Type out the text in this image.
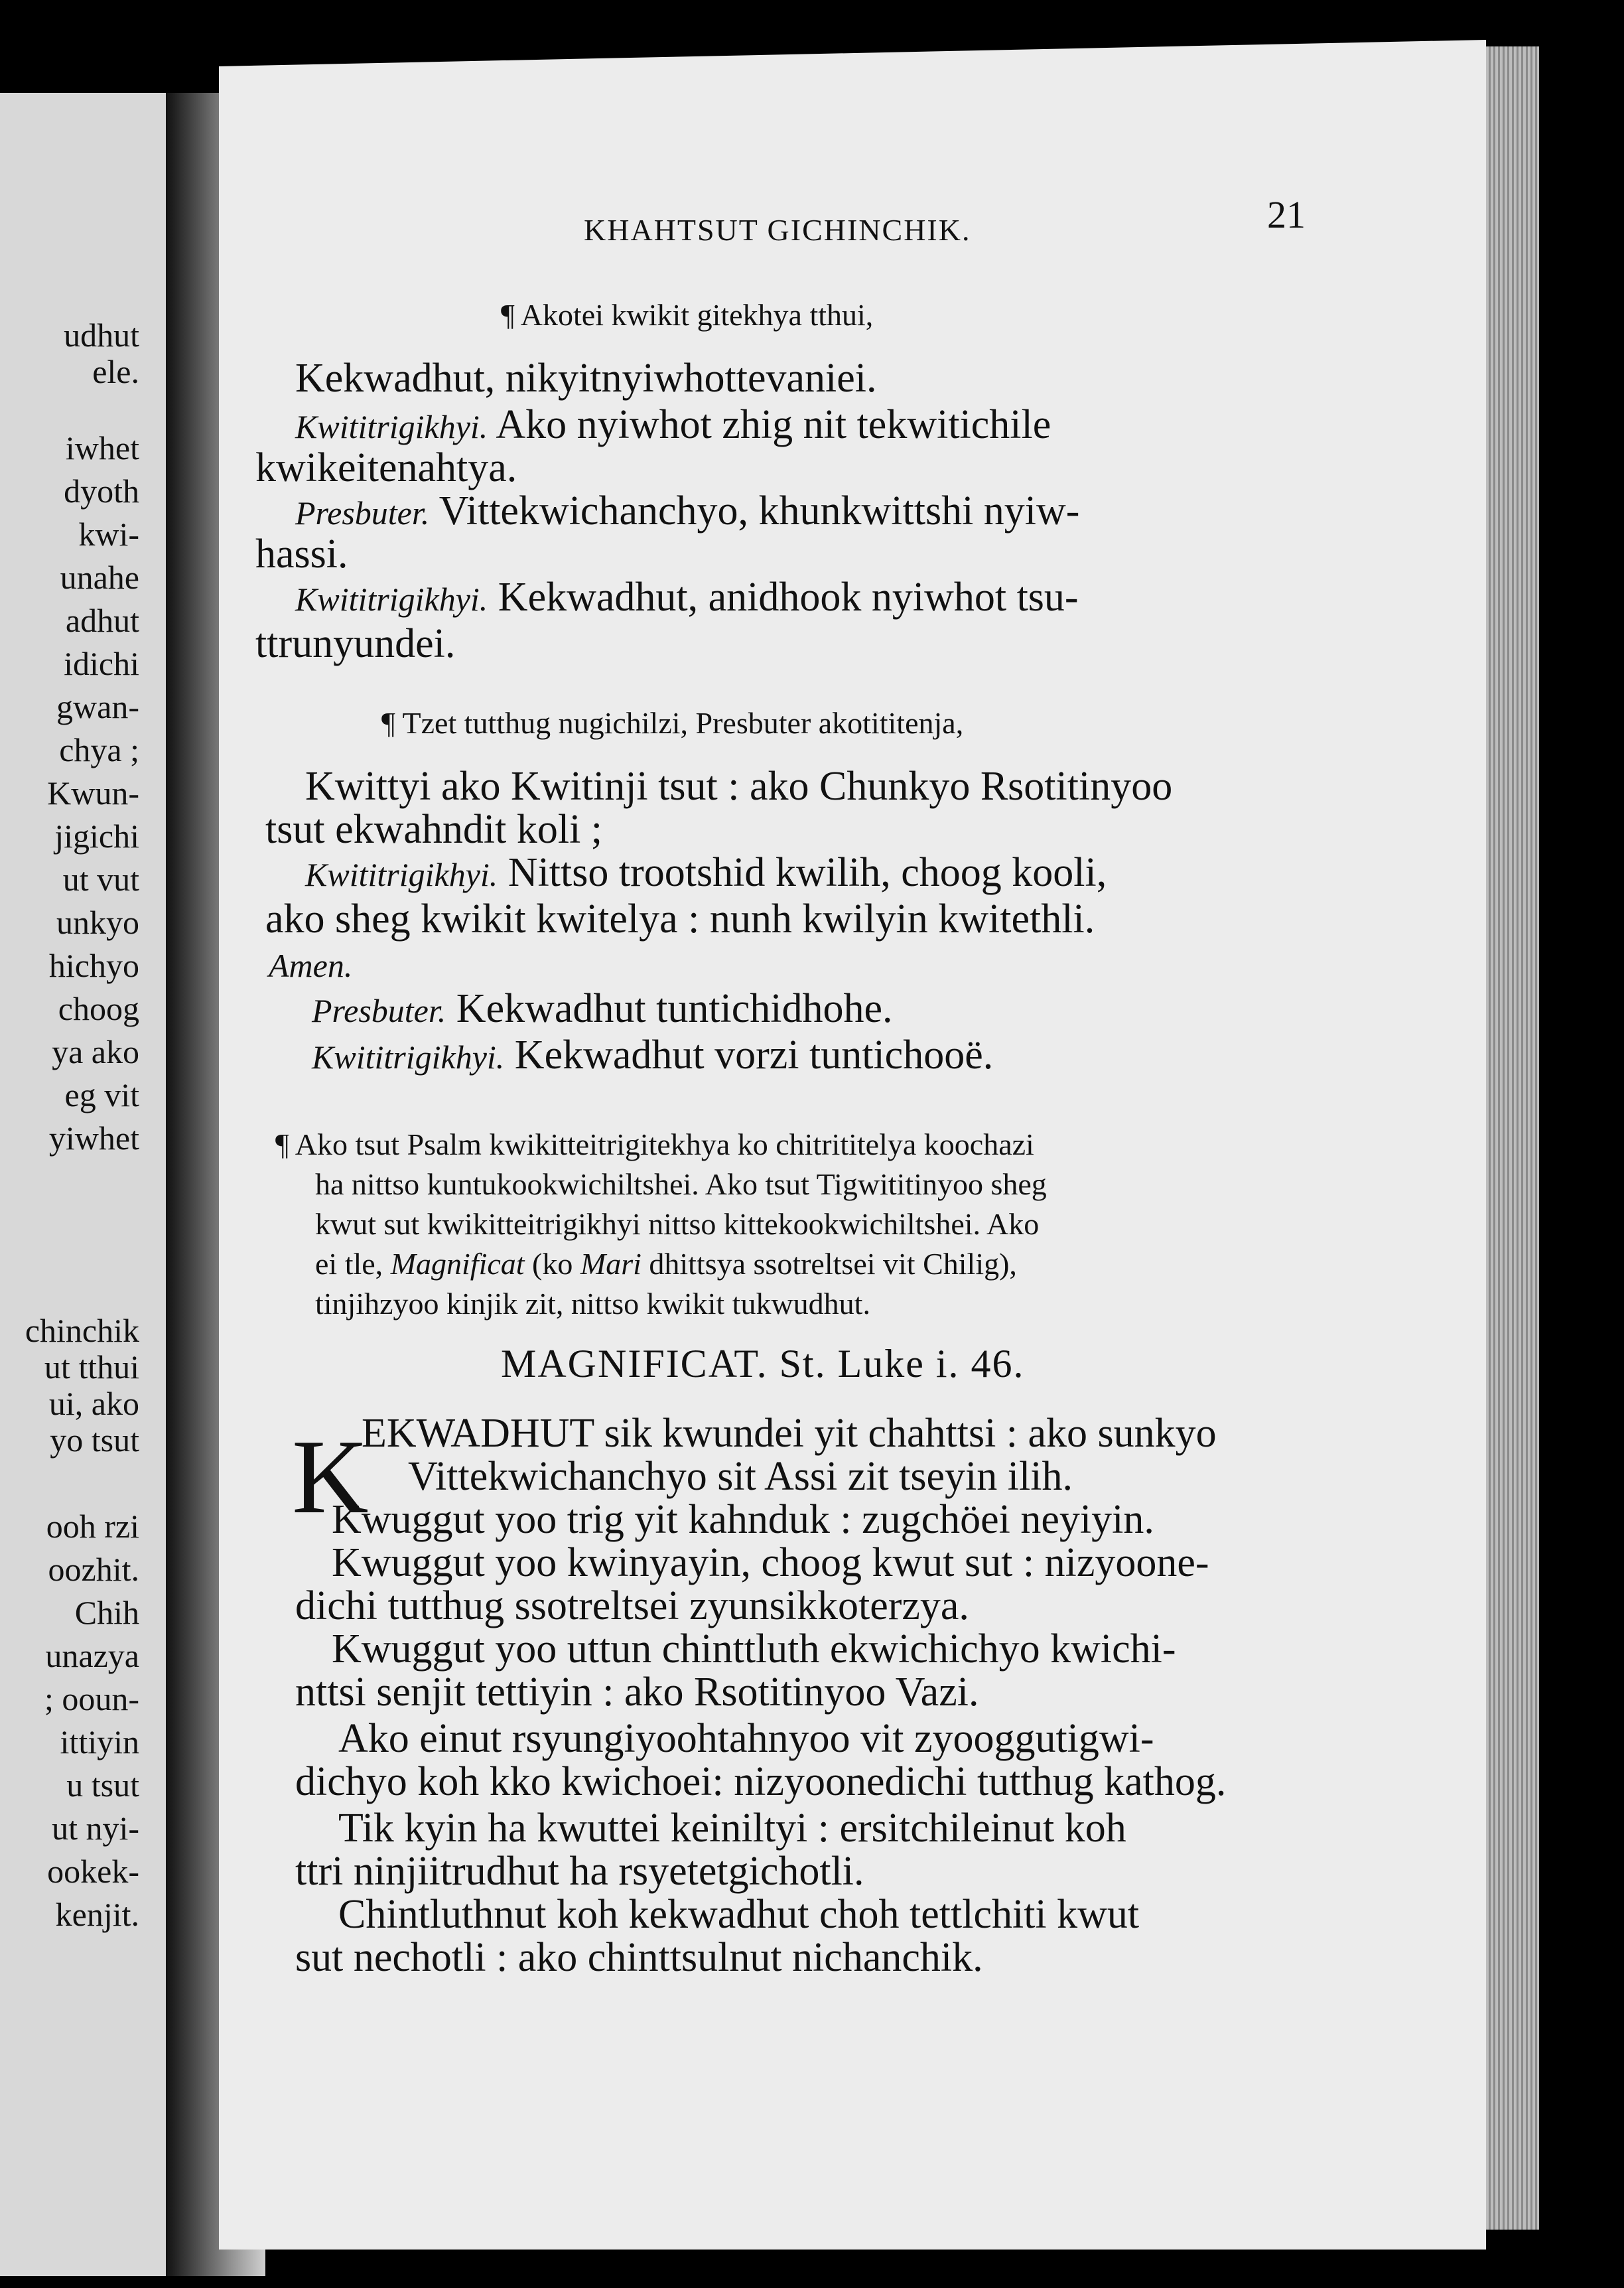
udhut
ele.
iwhet
dyoth
kwi-
unahe
adhut
idichi
gwan-
chya ;
Kwun-
jigichi
ut vut
unkyo
hichyo
choog
ya ako
eg vit
yiwhet
chinchik
ut tthui
ui, ako
yo tsut
ooh rzi
oozhit.
Chih
unazya
; ooun-
ittiyin
u tsut
ut nyi-
ookek-
kenjit.
KHAHTSUT GICHINCHIK.	21
¶ Akotei kwikit gitekhya tthui,
Kekwadhut, nikyitnyiwhottevaniei.
Kwititrigikhyi. Ako nyiwhot zhig nit tekwitichile
kwikeitenahtya.
Presbuter. Vittekwichanchyo, khunkwittshi nyiw-
hassi.
Kwititrigikhyi. Kekwadhut, anidhook nyiwhot tsu-
ttrunyundei.
¶ Tzet tutthug nugichilzi, Presbuter akotititenja,
Kwittyi ako Kwitinji tsut : ako Chunkyo Rsotitinyoo
tsut ekwahndit koli ;
Kwititrigikhyi. Nittso trootshid kwilih, choog kooli,
ako sheg kwikit kwitelya : nunh kwilyin kwitethli.
Amen.
Presbuter. Kekwadhut tuntichidhohe.
Kwititrigikhyi. Kekwadhut vorzi tuntichooë.
¶ Ako tsut Psalm kwikitteitrigitekhya ko chitrititelya koochazi
ha nittso kuntukookwichiltshei. Ako tsut Tigwititinyoo sheg
kwut sut kwikitteitrigikhyi nittso kittekookwichiltshei. Ako
ei tle, Magnificat (ko Mari dhittsya ssotreltsei vit Chilig),
tinjihzyoo kinjik zit, nittso kwikit tukwudhut.
MAGNIFICAT. St. Luke i. 46.
K
EKWADHUT sik kwundei yit chahttsi : ako sunkyo
Vittekwichanchyo sit Assi zit tseyin ilih.
Kwuggut yoo trig yit kahnduk : zugchöei neyiyin.
Kwuggut yoo kwinyayin, choog kwut sut : nizyoone-
dichi tutthug ssotreltsei zyunsikkoterzya.
Kwuggut yoo uttun chinttluth ekwichichyo kwichi-
nttsi senjit tettiyin : ako Rsotitinyoo Vazi.
Ako einut rsyungiyoohtahnyoo vit zyooggutigwi-
dichyo koh kko kwichoei: nizyoonedichi tutthug kathog.
Tik kyin ha kwuttei keiniltyi : ersitchileinut koh
ttri ninjiitrudhut ha rsyetetgichotli.
Chintluthnut koh kekwadhut choh tettlchiti kwut
sut nechotli : ako chinttsulnut nichanchik.
